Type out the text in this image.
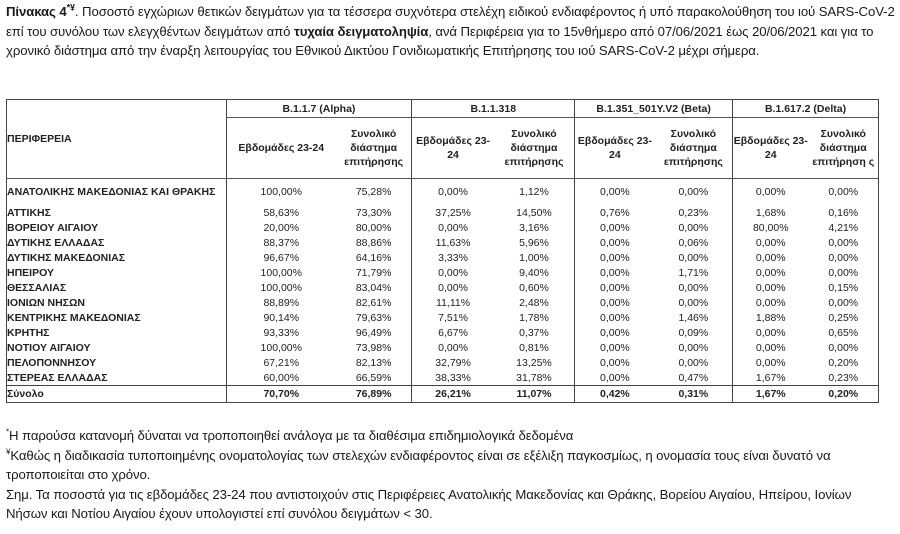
Πίνακας 4*¥. Ποσοστό εγχώριων θετικών δειγμάτων για τα τέσσερα συχνότερα στελέχη ειδικού ενδιαφέροντος ή υπό παρακολούθηση του ιού SARS-CoV-2 επί του συνόλου των ελεγχθέντων δειγμάτων από τυχαία δειγματοληψία, ανά Περιφέρεια για το 15νθήμερο από 07/06/2021 έως 20/06/2021 και για το χρονικό διάστημα από την έναρξη λειτουργίας του Εθνικού Δικτύου Γονιδιωματικής Επιτήρησης του ιού SARS-CoV-2 μέχρι σήμερα.
ΠΕΡΙΦΕΡΕΙΑ	B.1.1.7 (Alpha)		B.1.1.318		B.1.351_501Y.V2 (Beta)		B.1.617.2 (Delta)	
	Εβδομάδες 23-24	Συνολικό διάστημα επιτήρησης	Εβδομάδες 23-24	Συνολικό διάστημα επιτήρησης	Εβδομάδες 23-24	Συνολικό διάστημα επιτήρησης	Εβδομάδες 23-24	Συνολικό διάστημα επιτήρηση ς
ΑΝΑΤΟΛΙΚΗΣ ΜΑΚΕΔΟΝΙΑΣ ΚΑΙ ΘΡΑΚΗΣ	100,00%	75,28%	0,00%	1,12%	0,00%	0,00%	0,00%	0,00%
ΑΤΤΙΚΗΣ	58,63%	73,30%	37,25%	14,50%	0,76%	0,23%	1,68%	0,16%
ΒΟΡΕΙΟΥ ΑΙΓΑΙΟΥ	20,00%	80,00%	0,00%	3,16%	0,00%	0,00%	80,00%	4,21%
ΔΥΤΙΚΗΣ ΕΛΛΑΔΑΣ	88,37%	88,86%	11,63%	5,96%	0,00%	0,06%	0,00%	0,00%
ΔΥΤΙΚΗΣ ΜΑΚΕΔΟΝΙΑΣ	96,67%	64,16%	3,33%	1,00%	0,00%	0,00%	0,00%	0,00%
ΗΠΕΙΡΟΥ	100,00%	71,79%	0,00%	9,40%	0,00%	1,71%	0,00%	0,00%
ΘΕΣΣΑΛΙΑΣ	100,00%	83,04%	0,00%	0,60%	0,00%	0,00%	0,00%	0,15%
ΙΟΝΙΩΝ ΝΗΣΩΝ	88,89%	82,61%	11,11%	2,48%	0,00%	0,00%	0,00%	0,00%
ΚΕΝΤΡΙΚΗΣ ΜΑΚΕΔΟΝΙΑΣ	90,14%	79,63%	7,51%	1,78%	0,00%	1,46%	1,88%	0,25%
ΚΡΗΤΗΣ	93,33%	96,49%	6,67%	0,37%	0,00%	0,09%	0,00%	0,65%
ΝΟΤΙΟΥ ΑΙΓΑΙΟΥ	100,00%	73,98%	0,00%	0,81%	0,00%	0,00%	0,00%	0,00%
ΠΕΛΟΠΟΝΝΗΣΟΥ	67,21%	82,13%	32,79%	13,25%	0,00%	0,00%	0,00%	0,20%
ΣΤΕΡΕΑΣ ΕΛΛΑΔΑΣ	60,00%	66,59%	38,33%	31,78%	0,00%	0,47%	1,67%	0,23%
Σύνολο	70,70%	76,89%	26,21%	11,07%	0,42%	0,31%	1,67%	0,20%
*Η παρούσα κατανομή δύναται να τροποποιηθεί ανάλογα με τα διαθέσιμα επιδημιολογικά δεδομένα
¥Καθώς η διαδικασία τυποποιημένης ονοματολογίας των στελεχών ενδιαφέροντος είναι σε εξέλιξη παγκοσμίως, η ονομασία τους είναι δυνατό να τροποποιείται στο χρόνο.
Σημ. Τα ποσοστά για τις εβδομάδες 23-24 που αντιστοιχούν στις Περιφέρειες Ανατολικής Μακεδονίας και Θράκης, Βορείου Αιγαίου, Ηπείρου, Ιονίων Νήσων και Νοτίου Αιγαίου έχουν υπολογιστεί επί συνόλου δειγμάτων < 30.
